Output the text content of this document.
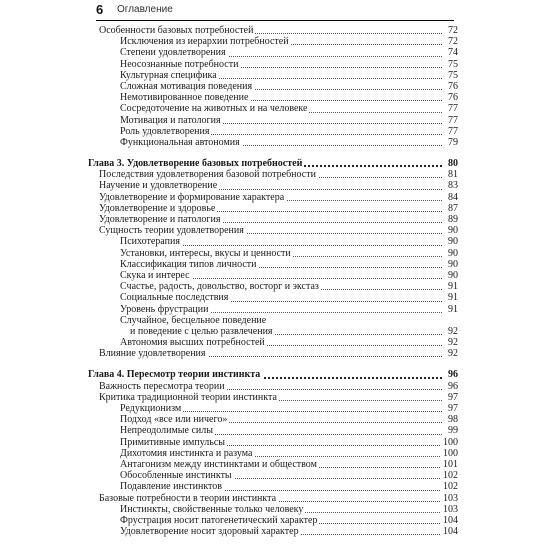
6 Оглавление
Особенности базовых потребностей	72
Исключения из иерархии потребностей	72
Степени удовлетворения	74
Неосознанные потребности	75
Культурная специфика	75
Сложная мотивация поведения	76
Немотивированное поведение	76
Сосредоточение на животных и на человеке	77
Мотивация и патология	77
Роль удовлетворения	77
Функциональная автономия	79
Глава 3. Удовлетворение базовых потребностей	80
Последствия удовлетворения базовой потребности	81
Научение и удовлетворение	83
Удовлетворение и формирование характера	84
Удовлетворение и здоровье	87
Удовлетворение и патология	89
Сущность теории удовлетворения	90
Психотерапия	90
Установки, интересы, вкусы и ценности	90
Классификация типов личности	90
Скука и интерес	90
Счастье, радость, довольство, восторг и экстаз	91
Социальные последствия	91
Уровень фрустрации	91
Случайное, бесцельное поведение
и поведение с целью развлечения	92
Автономия высших потребностей	92
Влияние удовлетворения	92
Глава 4. Пересмотр теории инстинкта	96
Важность пересмотра теории	96
Критика традиционной теории инстинкта	97
Редукционизм	97
Подход «все или ничего»	98
Непреодолимые силы	99
Примитивные импульсы	100
Дихотомия инстинкта и разума	100
Антагонизм между инстинктами и обществом	101
Обособленные инстинкты	102
Подавление инстинктов	102
Базовые потребности в теории инстинкта	103
Инстинкты, свойственные только человеку	103
Фрустрация носит патогенетический характер	104
Удовлетворение носит здоровый характер	104
